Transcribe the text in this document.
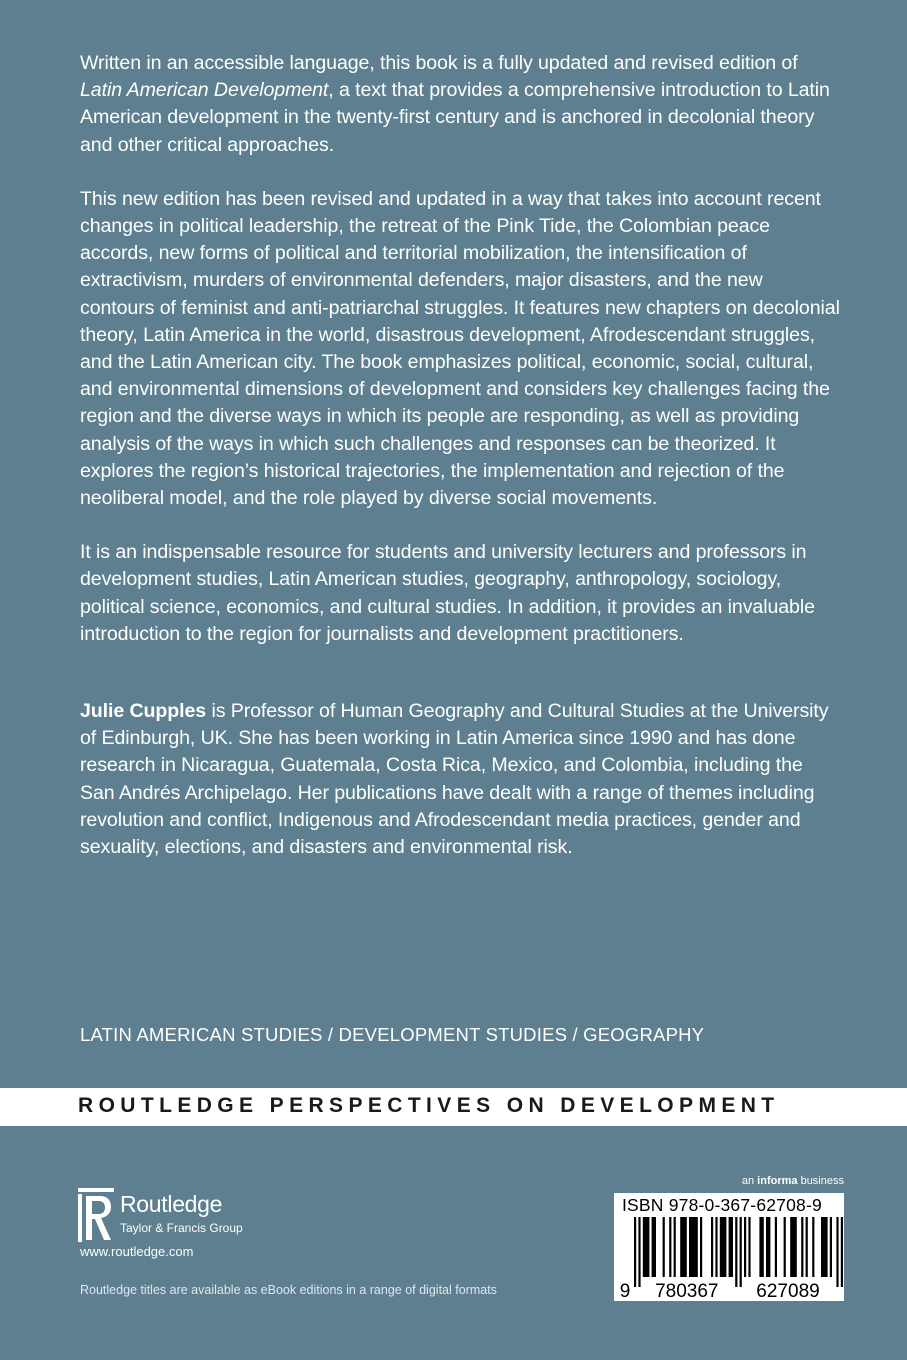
Written in an accessible language, this book is a fully updated and revised edition of Latin American Development, a text that provides a comprehensive introduction to Latin American development in the twenty-first century and is anchored in decolonial theory and other critical approaches.

This new edition has been revised and updated in a way that takes into account recent changes in political leadership, the retreat of the Pink Tide, the Colombian peace accords, new forms of political and territorial mobilization, the intensification of extractivism, murders of environmental defenders, major disasters, and the new contours of feminist and anti-patriarchal struggles. It features new chapters on decolonial theory, Latin America in the world, disastrous development, Afrodescendant struggles, and the Latin American city. The book emphasizes political, economic, social, cultural, and environmental dimensions of development and considers key challenges facing the region and the diverse ways in which its people are responding, as well as providing analysis of the ways in which such challenges and responses can be theorized. It explores the region’s historical trajectories, the implementation and rejection of the neoliberal model, and the role played by diverse social movements.

It is an indispensable resource for students and university lecturers and professors in development studies, Latin American studies, geography, anthropology, sociology, political science, economics, and cultural studies. In addition, it provides an invaluable introduction to the region for journalists and development practitioners.

Julie Cupples is Professor of Human Geography and Cultural Studies at the University of Edinburgh, UK. She has been working in Latin America since 1990 and has done research in Nicaragua, Guatemala, Costa Rica, Mexico, and Colombia, including the San Andrés Archipelago. Her publications have dealt with a range of themes including revolution and conflict, Indigenous and Afrodescendant media practices, gender and sexuality, elections, and disasters and environmental risk.

LATIN AMERICAN STUDIES / DEVELOPMENT STUDIES / GEOGRAPHY
ROUTLEDGE PERSPECTIVES ON DEVELOPMENT
Routledge
Taylor & Francis Group
www.routledge.com
Routledge titles are available as eBook editions in a range of digital formats
an informa business
ISBN 978-0-367-62708-9
9 780367 627089
